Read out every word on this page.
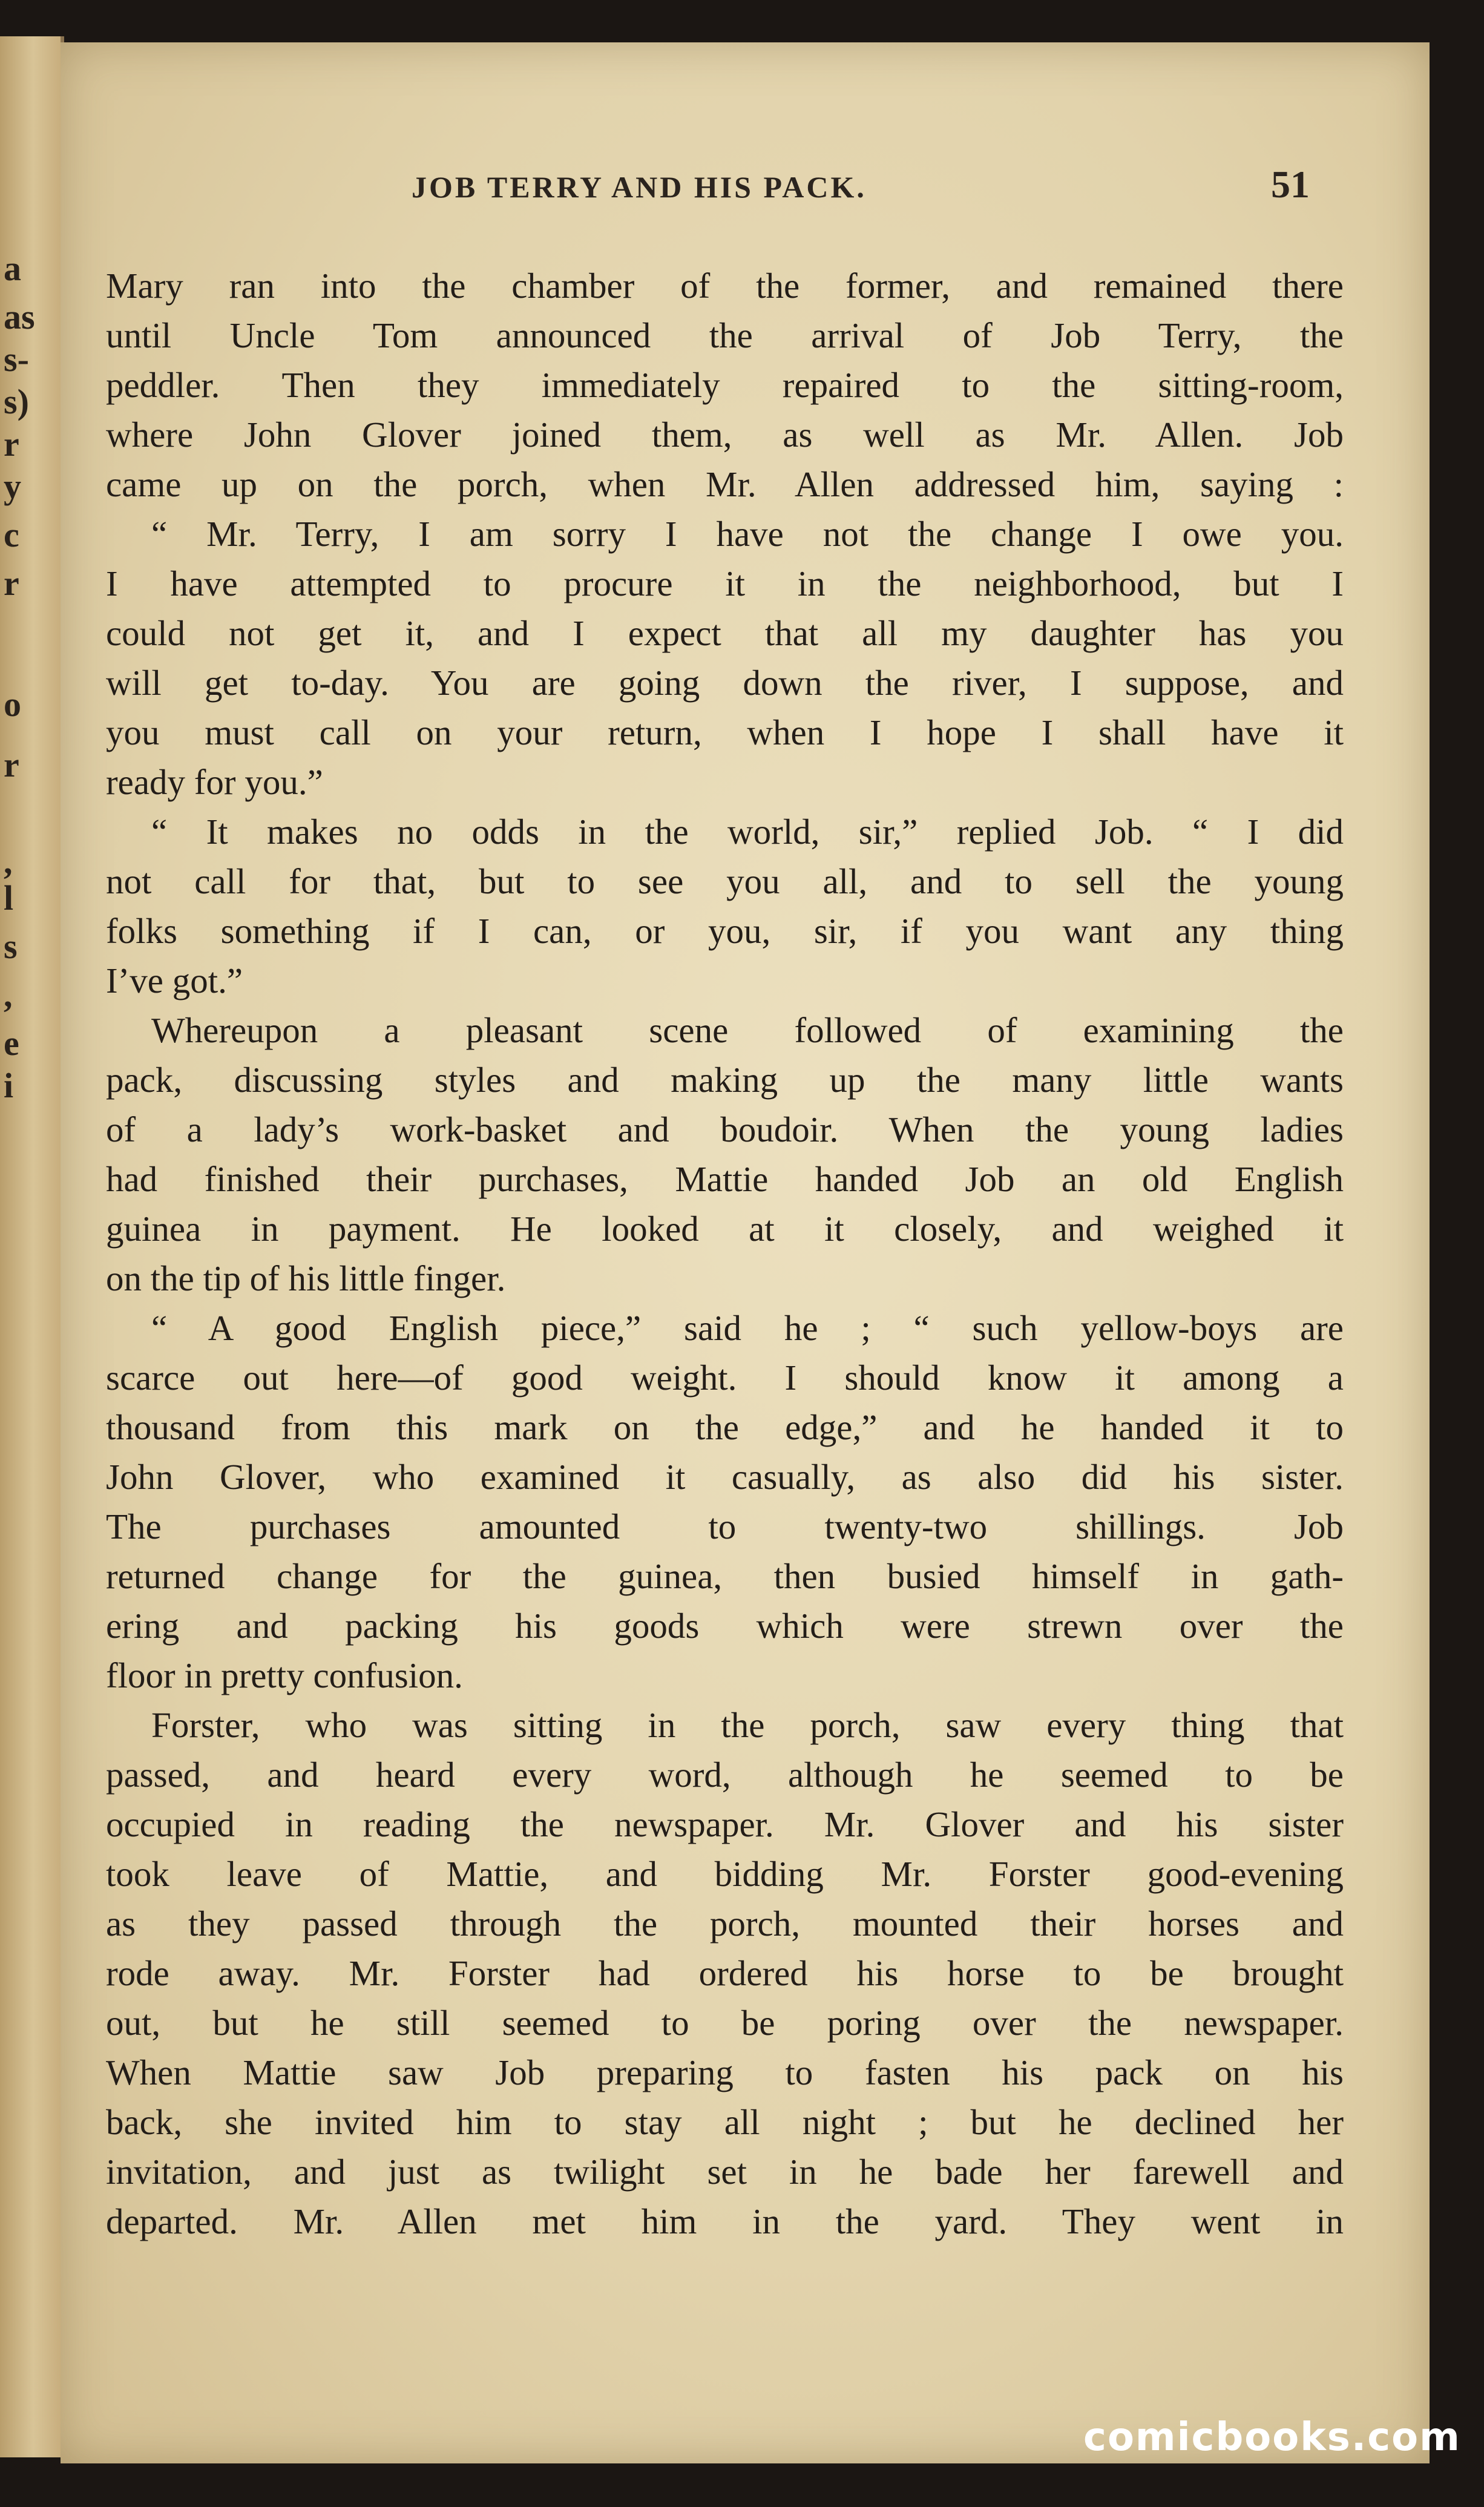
a
as
s-
s)
r
y
c
r
o
r
,
l
s
,
e
i
JOB TERRY AND HIS PACK.	51
Mary ran into the chamber of the former, and remained there
until Uncle Tom announced the arrival of Job Terry, the
peddler. Then they immediately repaired to the sitting-room,
where John Glover joined them, as well as Mr. Allen. Job
came up on the porch, when Mr. Allen addressed him, saying :
“ Mr. Terry, I am sorry I have not the change I owe you.
I have attempted to procure it in the neighborhood, but I
could not get it, and I expect that all my daughter has you
will get to-day. You are going down the river, I suppose, and
you must call on your return, when I hope I shall have it
ready for you.”
“ It makes no odds in the world, sir,” replied Job. “ I did
not call for that, but to see you all, and to sell the young
folks something if I can, or you, sir, if you want any thing
I’ve got.”
Whereupon a pleasant scene followed of examining the
pack, discussing styles and making up the many little wants
of a lady’s work-basket and boudoir. When the young ladies
had finished their purchases, Mattie handed Job an old English
guinea in payment. He looked at it closely, and weighed it
on the tip of his little finger.
“ A good English piece,” said he ; “ such yellow-boys are
scarce out here—of good weight. I should know it among a
thousand from this mark on the edge,” and he handed it to
John Glover, who examined it casually, as also did his sister.
The purchases amounted to twenty-two shillings. Job
returned change for the guinea, then busied himself in gath-
ering and packing his goods which were strewn over the
floor in pretty confusion.
Forster, who was sitting in the porch, saw every thing that
passed, and heard every word, although he seemed to be
occupied in reading the newspaper. Mr. Glover and his sister
took leave of Mattie, and bidding Mr. Forster good-evening
as they passed through the porch, mounted their horses and
rode away. Mr. Forster had ordered his horse to be brought
out, but he still seemed to be poring over the newspaper.
When Mattie saw Job preparing to fasten his pack on his
back, she invited him to stay all night ; but he declined her
invitation, and just as twilight set in he bade her farewell and
departed. Mr. Allen met him in the yard. They went in
comicbooks.com
